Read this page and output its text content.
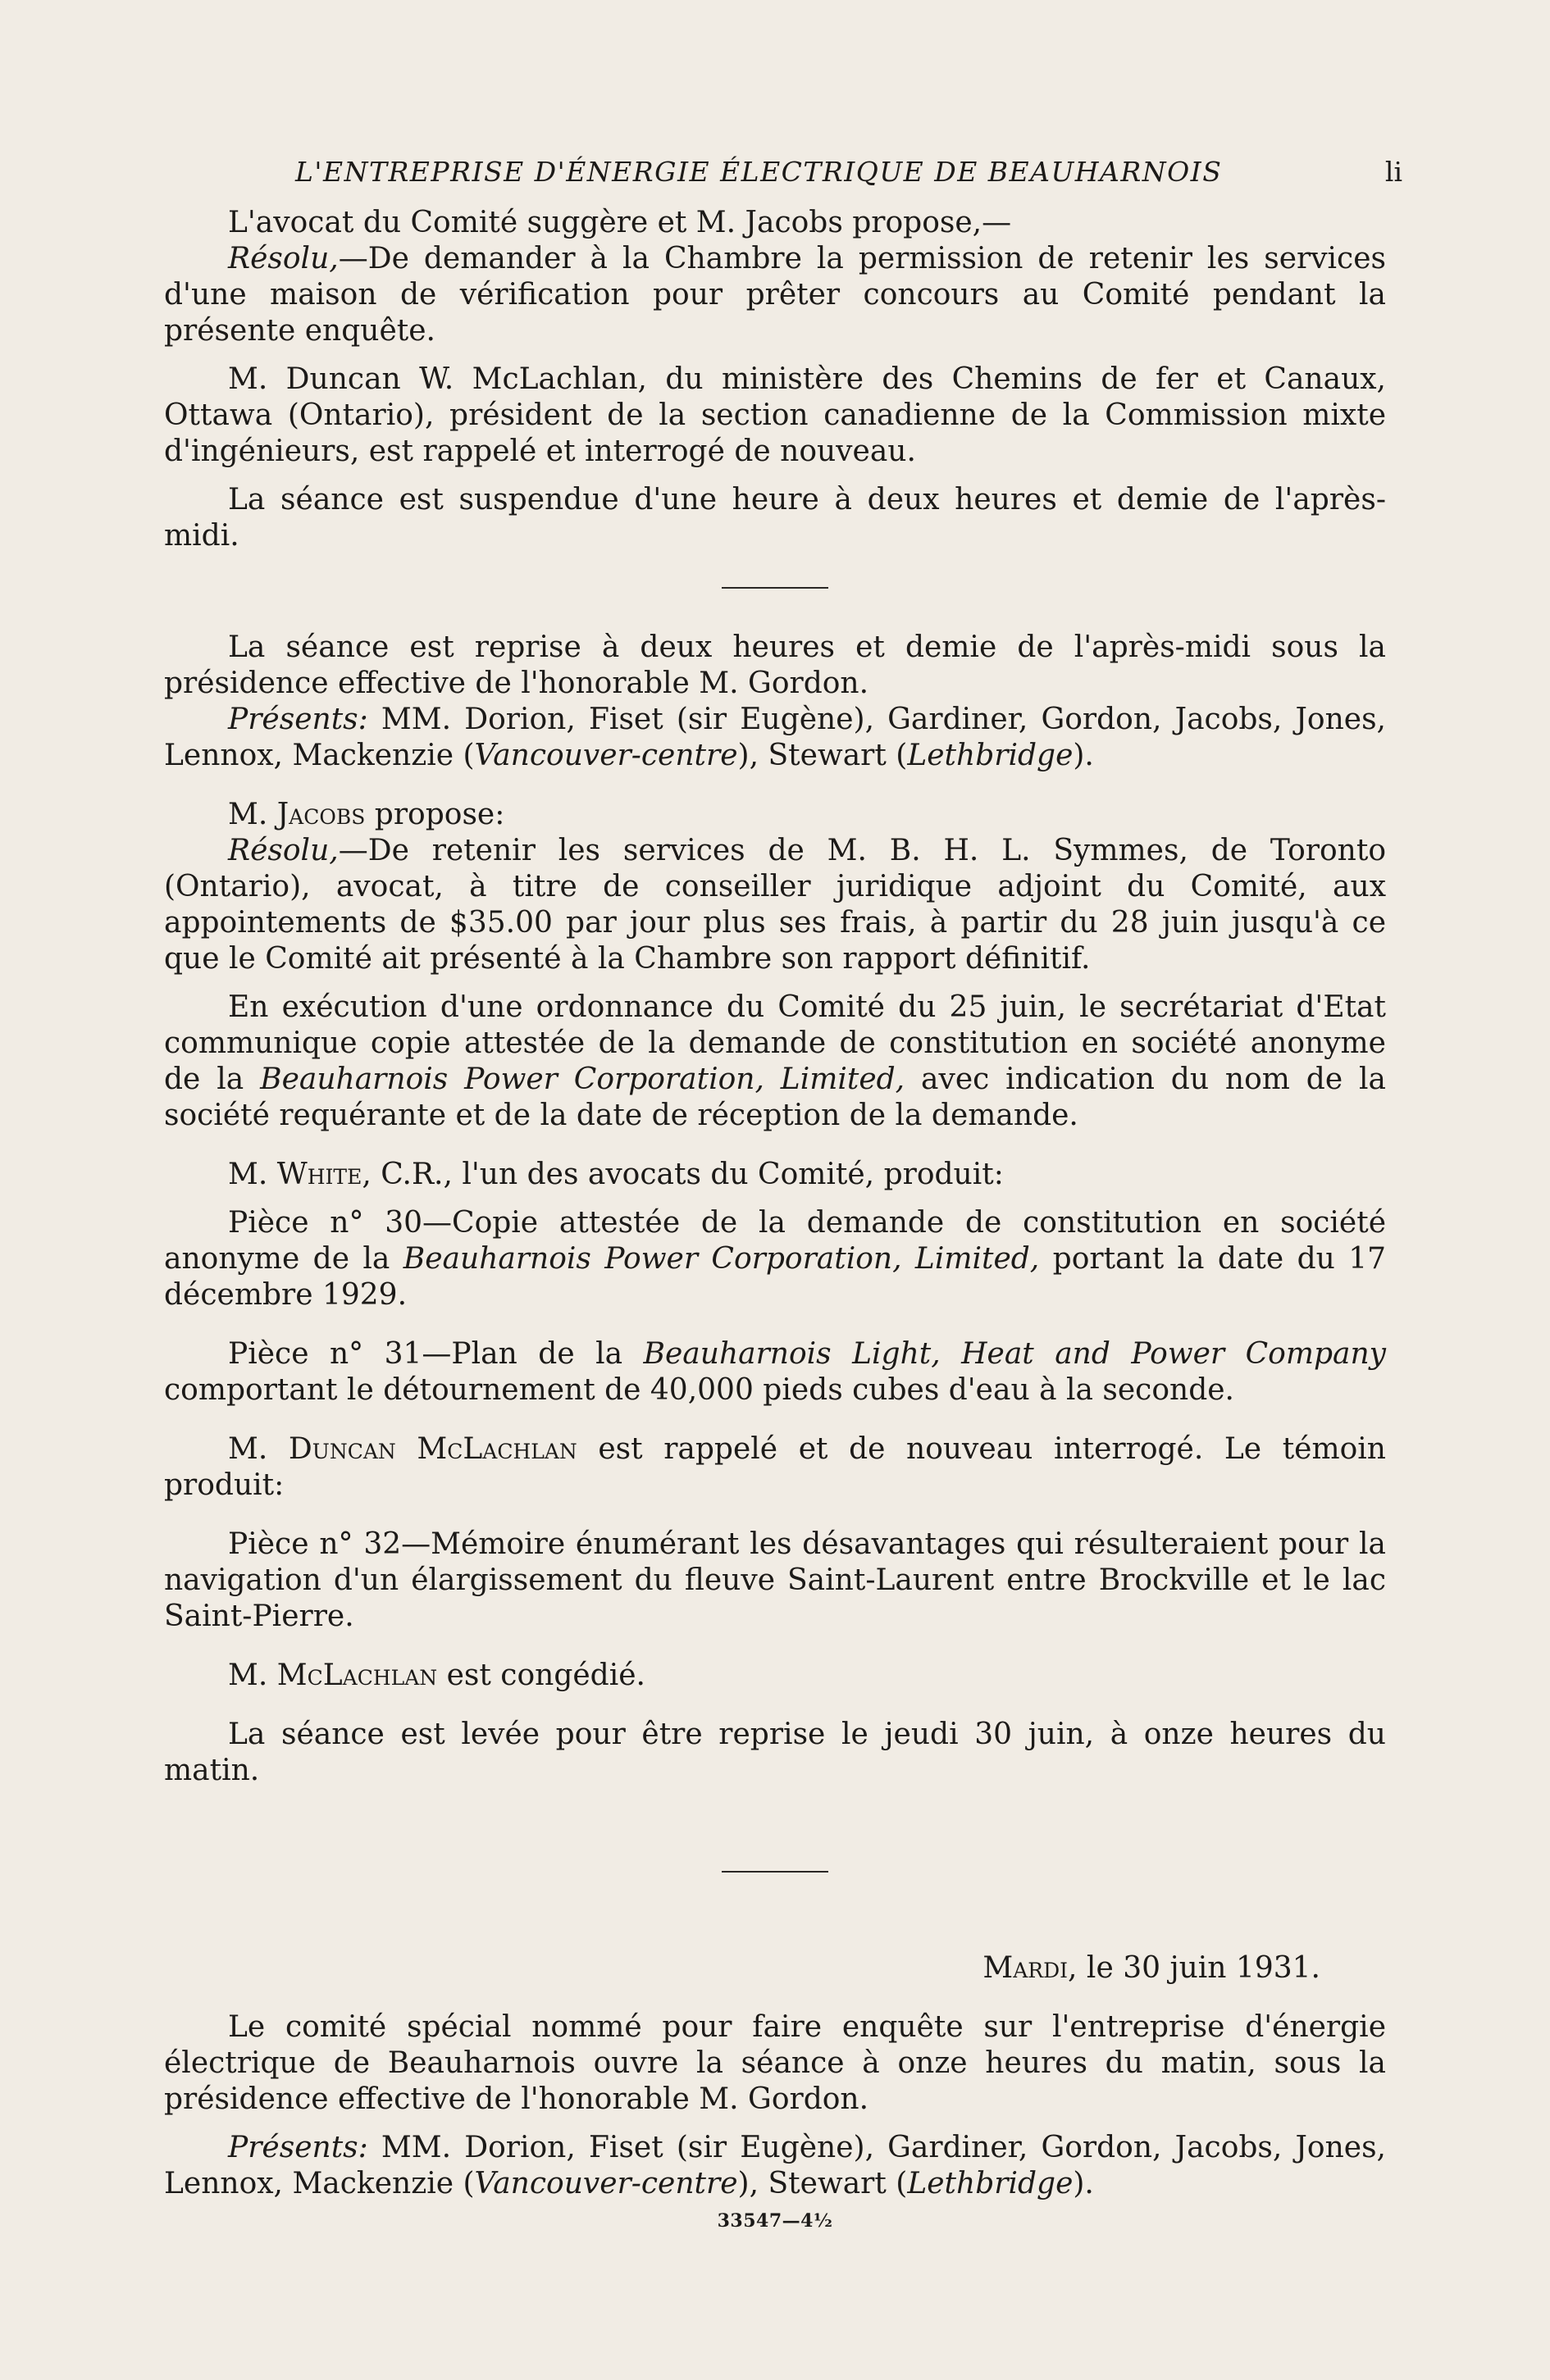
L'ENTREPRISE D'ÉNERGIE ÉLECTRIQUE DE BEAUHARNOIS	li

L'avocat du Comité suggère et M. Jacobs propose,—

Résolu,—De demander à la Chambre la permission de retenir les services d'une maison de vérification pour prêter concours au Comité pendant la présente enquête.

M. Duncan W. McLachlan, du ministère des Chemins de fer et Canaux, Ottawa (Ontario), président de la section canadienne de la Commission mixte d'ingénieurs, est rappelé et interrogé de nouveau.

La séance est suspendue d'une heure à deux heures et demie de l'après-midi.

La séance est reprise à deux heures et demie de l'après-midi sous la présidence effective de l'honorable M. Gordon.

Présents: MM. Dorion, Fiset (sir Eugène), Gardiner, Gordon, Jacobs, Jones, Lennox, Mackenzie (Vancouver-centre), Stewart (Lethbridge).

M. Jacobs propose:

Résolu,—De retenir les services de M. B. H. L. Symmes, de Toronto (Ontario), avocat, à titre de conseiller juridique adjoint du Comité, aux appointements de $35.00 par jour plus ses frais, à partir du 28 juin jusqu'à ce que le Comité ait présenté à la Chambre son rapport définitif.

En exécution d'une ordonnance du Comité du 25 juin, le secrétariat d'Etat communique copie attestée de la demande de constitution en société anonyme de la Beauharnois Power Corporation, Limited, avec indication du nom de la société requérante et de la date de réception de la demande.

M. White, C.R., l'un des avocats du Comité, produit:

Pièce n° 30—Copie attestée de la demande de constitution en société anonyme de la Beauharnois Power Corporation, Limited, portant la date du 17 décembre 1929.

Pièce n° 31—Plan de la Beauharnois Light, Heat and Power Company comportant le détournement de 40,000 pieds cubes d'eau à la seconde.

M. Duncan McLachlan est rappelé et de nouveau interrogé. Le témoin produit:

Pièce n° 32—Mémoire énumérant les désavantages qui résulteraient pour la navigation d'un élargissement du fleuve Saint-Laurent entre Brockville et le lac Saint-Pierre.

M. McLachlan est congédié.

La séance est levée pour être reprise le jeudi 30 juin, à onze heures du matin.

Mardi, le 30 juin 1931.

Le comité spécial nommé pour faire enquête sur l'entreprise d'énergie électrique de Beauharnois ouvre la séance à onze heures du matin, sous la présidence effective de l'honorable M. Gordon.

Présents: MM. Dorion, Fiset (sir Eugène), Gardiner, Gordon, Jacobs, Jones, Lennox, Mackenzie (Vancouver-centre), Stewart (Lethbridge).

33547—4½
